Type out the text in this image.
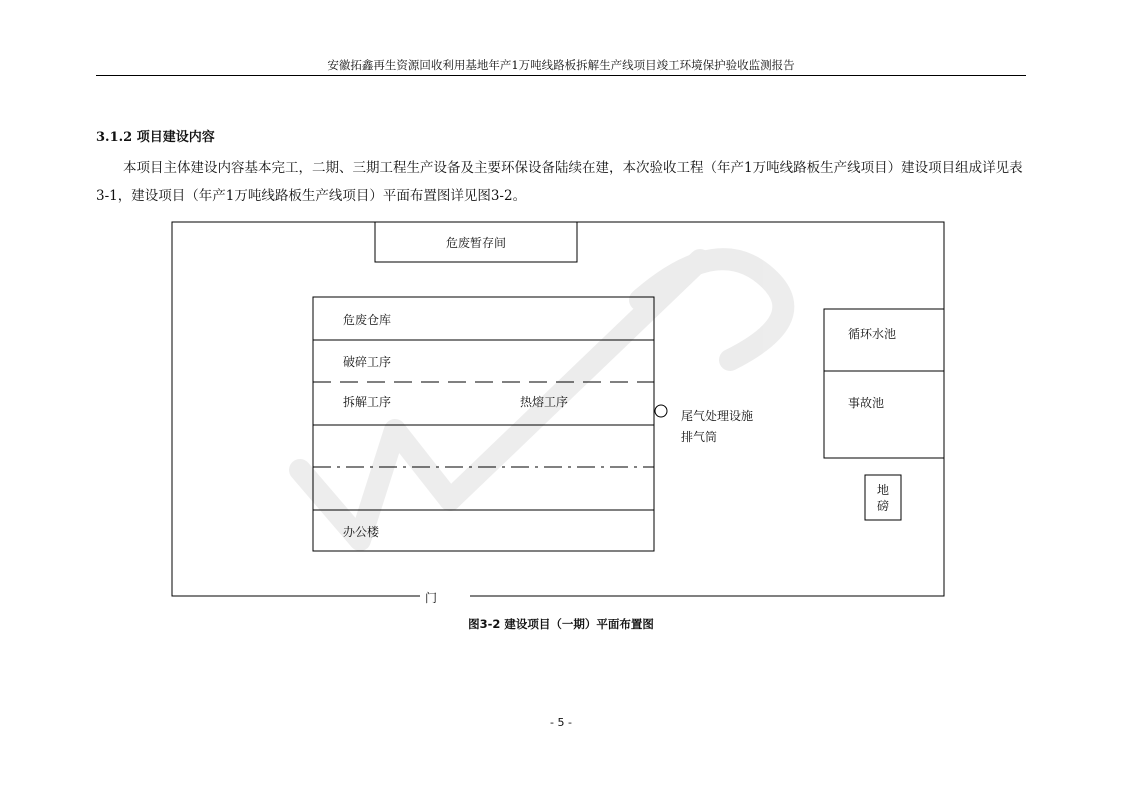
安徽拓鑫再生资源回收利用基地年产1万吨线路板拆解生产线项目竣工环境保护验收监测报告
3.1.2 项目建设内容

本项目主体建设内容基本完工，二期、三期工程生产设备及主要环保设备陆续在建，本次验收工程（年产1万吨线路板生产线项目）建设项目组成详见表3-1，建设项目（年产1万吨线路板生产线项目）平面布置图详见图3-2。

危废暂存间
危废仓库
破碎工序
拆解工序	热熔工序
办公楼
尾气处理设施
排气筒
循环水池
事故池
地
磅
门
图3-2 建设项目（一期）平面布置图
- 5 -
